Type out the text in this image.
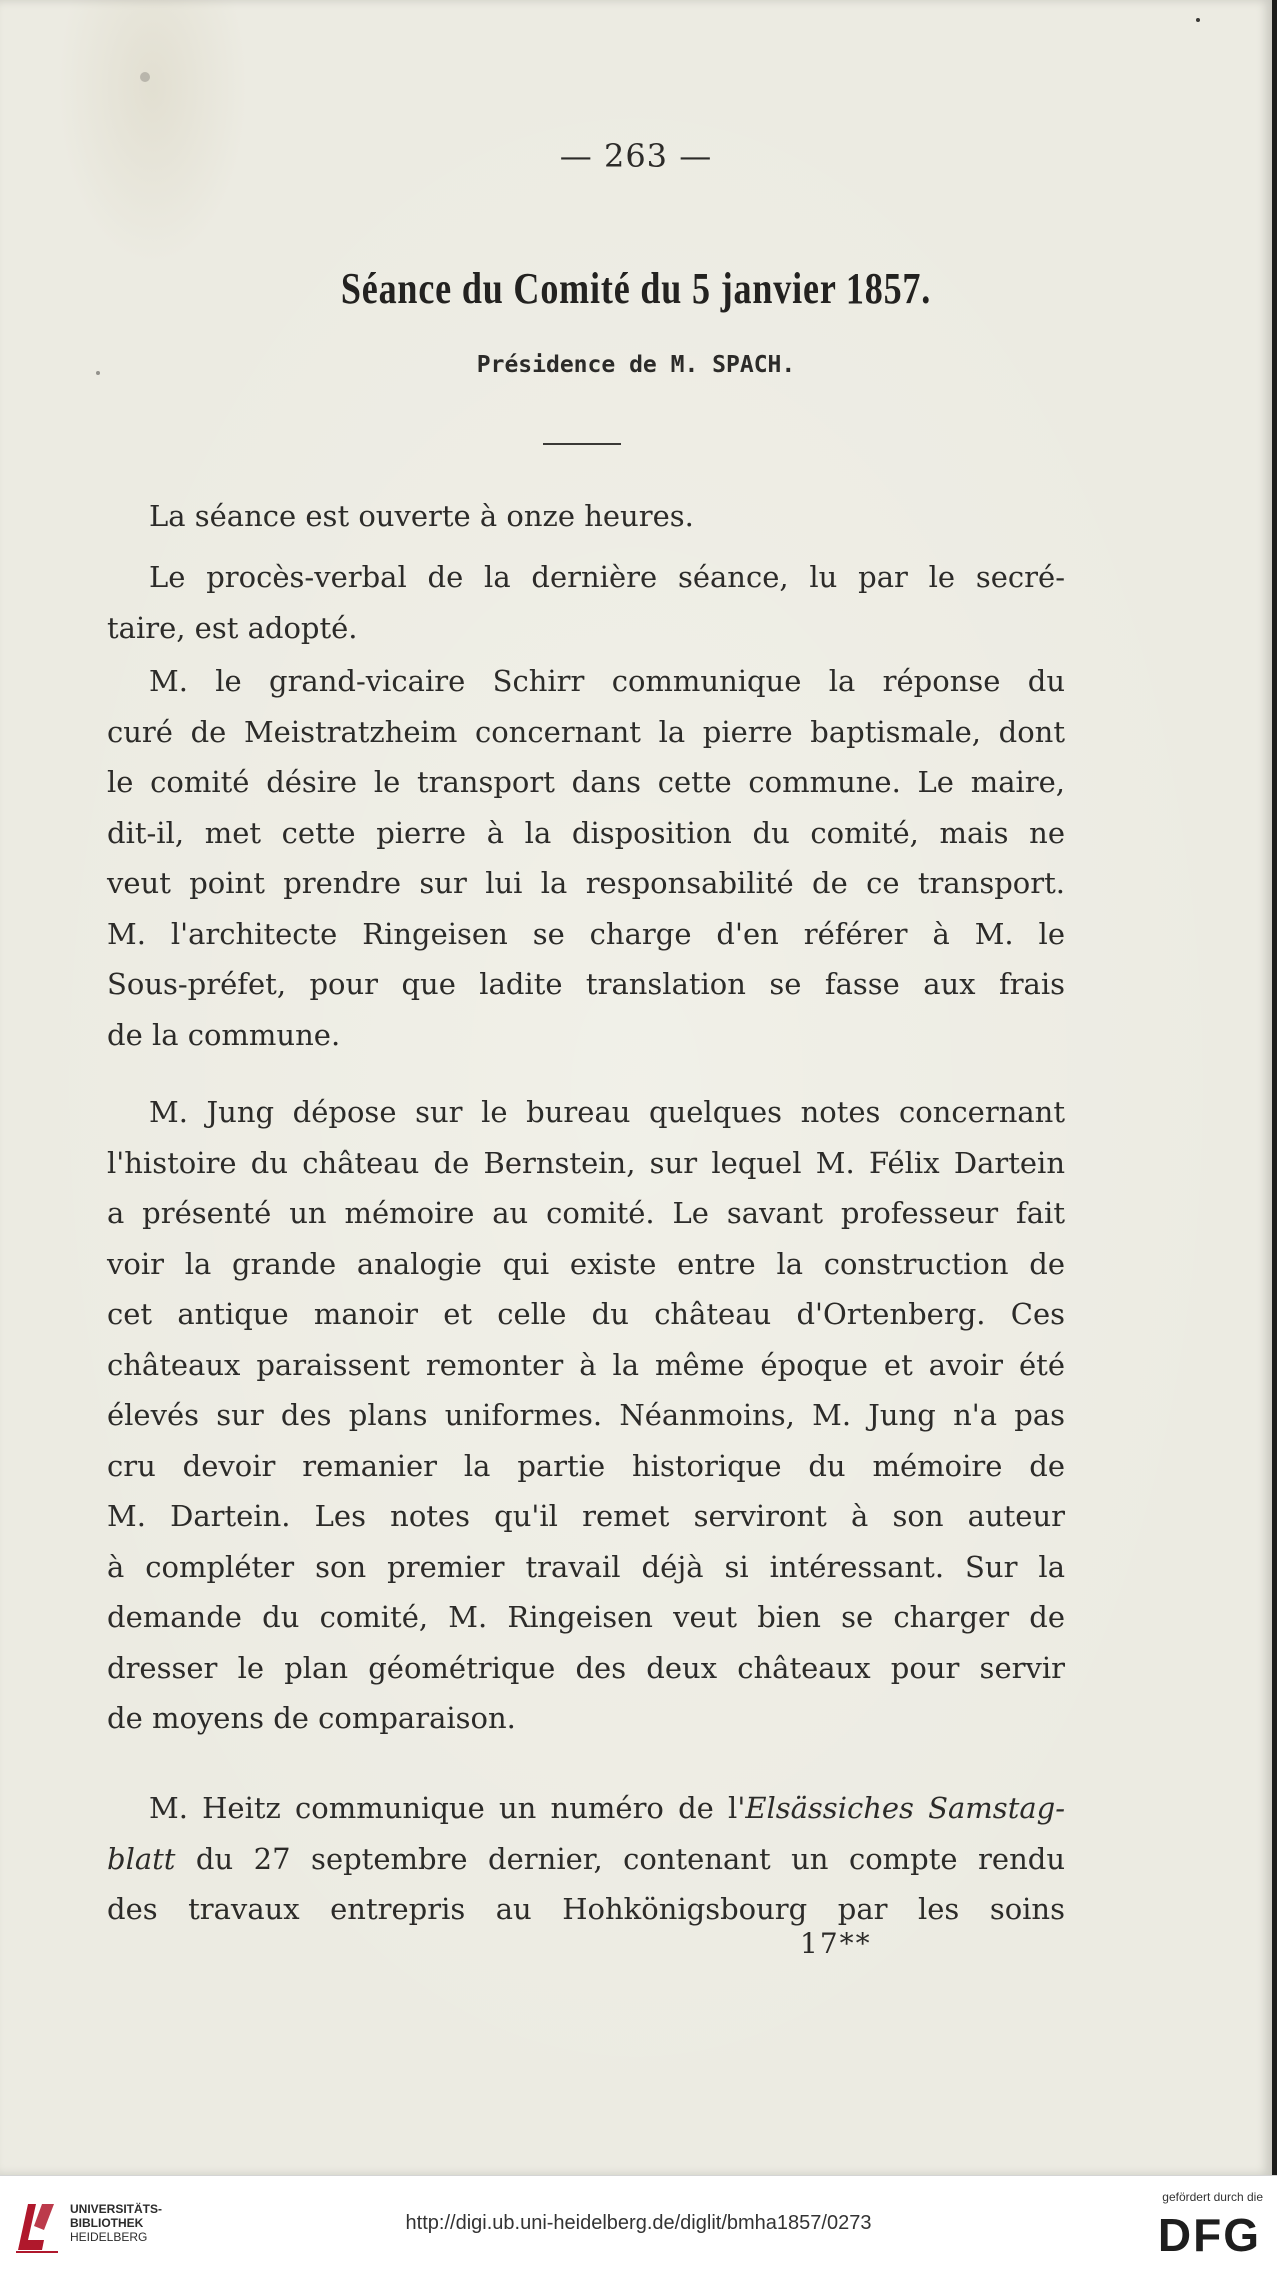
— 263 —
Séance du Comité du 5 janvier 1857.
Présidence de M. SPACH.

La séance est ouverte à onze heures.

Le procès-verbal de la dernière séance, lu par le secré-
taire, est adopté.

M. le grand-vicaire Schirr communique la réponse du
curé de Meistratzheim concernant la pierre baptismale, dont
le comité désire le transport dans cette commune. Le maire,
dit-il, met cette pierre à la disposition du comité, mais ne
veut point prendre sur lui la responsabilité de ce transport.
M. l'architecte Ringeisen se charge d'en référer à M. le
Sous-préfet, pour que ladite translation se fasse aux frais
de la commune.

M. Jung dépose sur le bureau quelques notes concernant
l'histoire du château de Bernstein, sur lequel M. Félix Dartein
a présenté un mémoire au comité. Le savant professeur fait
voir la grande analogie qui existe entre la construction de
cet antique manoir et celle du château d'Ortenberg. Ces
châteaux paraissent remonter à la même époque et avoir été
élevés sur des plans uniformes. Néanmoins, M. Jung n'a pas
cru devoir remanier la partie historique du mémoire de
M. Dartein. Les notes qu'il remet serviront à son auteur
à compléter son premier travail déjà si intéressant. Sur la
demande du comité, M. Ringeisen veut bien se charger de
dresser le plan géométrique des deux châteaux pour servir
de moyens de comparaison.

M. Heitz communique un numéro de l'Elsässiches Samstag-
blatt du 27 septembre dernier, contenant un compte rendu
des travaux entrepris au Hohkönigsbourg par les soins

17**
UNIVERSITÄTS-
BIBLIOTHEK
HEIDELBERG
http://digi.ub.uni-heidelberg.de/diglit/bmha1857/0273
gefördert durch die
DFG
